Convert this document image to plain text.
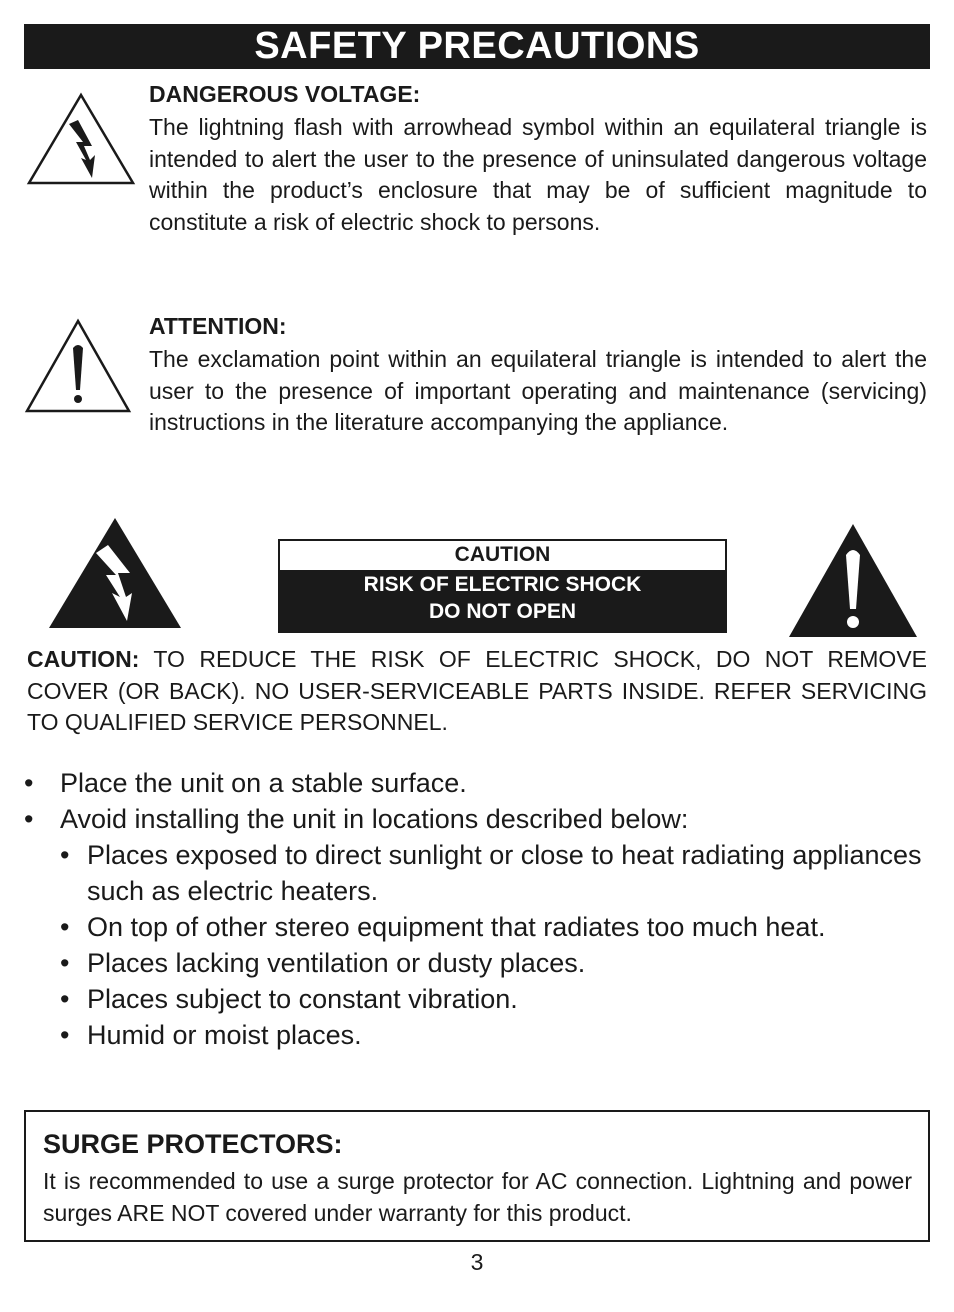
SAFETY PRECAUTIONS
DANGEROUS VOLTAGE:
The lightning flash with arrowhead symbol within an equilateral triangle is intended to alert the user to the presence of uninsulated dangerous voltage within the product’s enclosure that may be of sufficient magnitude to constitute a risk of electric shock to persons.
ATTENTION:
The exclamation point within an equilateral triangle is intended to alert the user to the presence of important operating and maintenance (servicing) instructions in the literature accompanying the appliance.
CAUTION
RISK OF ELECTRIC SHOCK
DO NOT OPEN
CAUTION: TO REDUCE THE RISK OF ELECTRIC SHOCK, DO NOT REMOVE COVER (OR BACK). NO USER-SERVICEABLE PARTS INSIDE. REFER SERVICING TO QUALIFIED SERVICE PERSONNEL.
• Place the unit on a stable surface.
• Avoid installing the unit in locations described below:
• Places exposed to direct sunlight or close to heat radiating appliances such as electric heaters.
• On top of other stereo equipment that radiates too much heat.
• Places lacking ventilation or dusty places.
• Places subject to constant vibration.
• Humid or moist places.
SURGE PROTECTORS:
It is recommended to use a surge protector for AC connection. Lightning and power surges ARE NOT covered under warranty for this product.
3
